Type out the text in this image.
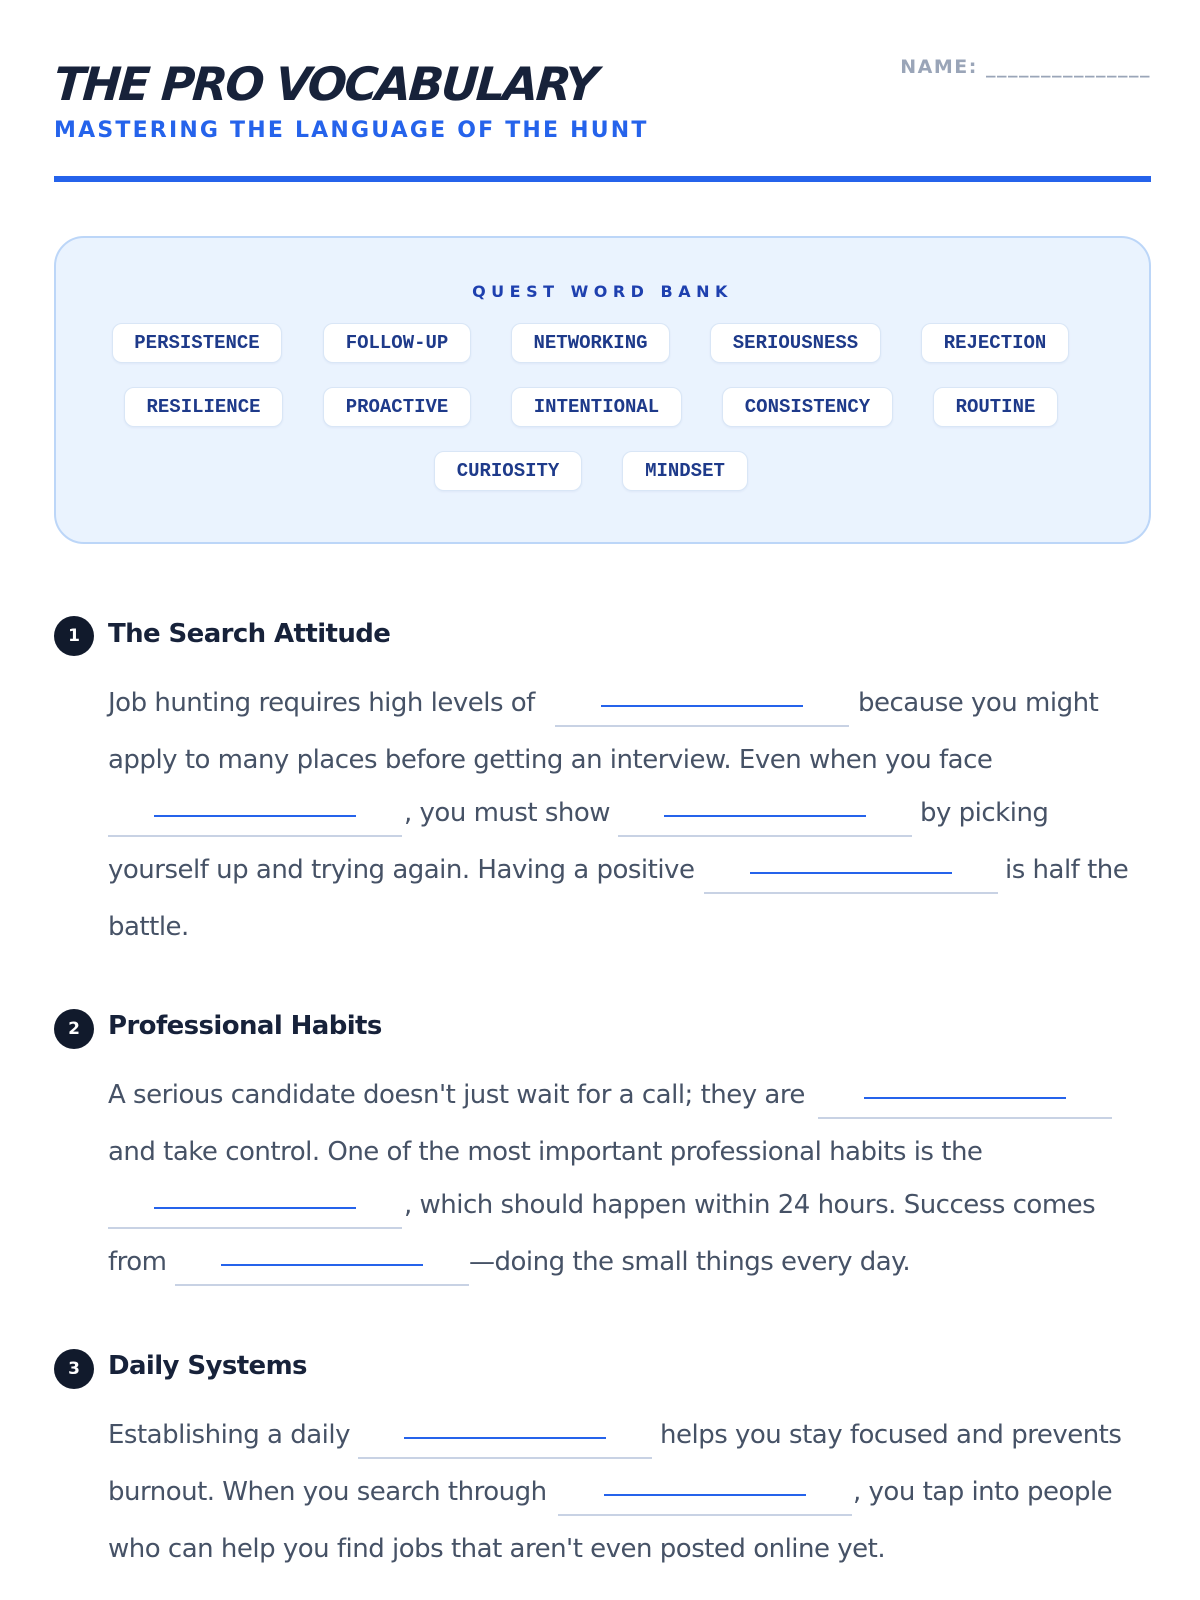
THE PRO VOCABULARY
MASTERING THE LANGUAGE OF THE HUNT
NAME: _______________
QUEST WORD BANK
PERSISTENCE	FOLLOW-UP	NETWORKING	SERIOUSNESS	REJECTION
RESILIENCE	PROACTIVE	INTENTIONAL	CONSISTENCY	ROUTINE
CURIOSITY	MINDSET
1	The Search Attitude
Job hunting requires high levels of	because you might
apply to many places before getting an interview. Even when you face
, you must show	by picking
yourself up and trying again. Having a positive	is half the
battle.
2	Professional Habits
A serious candidate doesn't just wait for a call; they are
and take control. One of the most important professional habits is the
, which should happen within 24 hours. Success comes
from	—doing the small things every day.
3	Daily Systems
Establishing a daily	helps you stay focused and prevents
burnout. When you search through	, you tap into people
who can help you find jobs that aren't even posted online yet.
